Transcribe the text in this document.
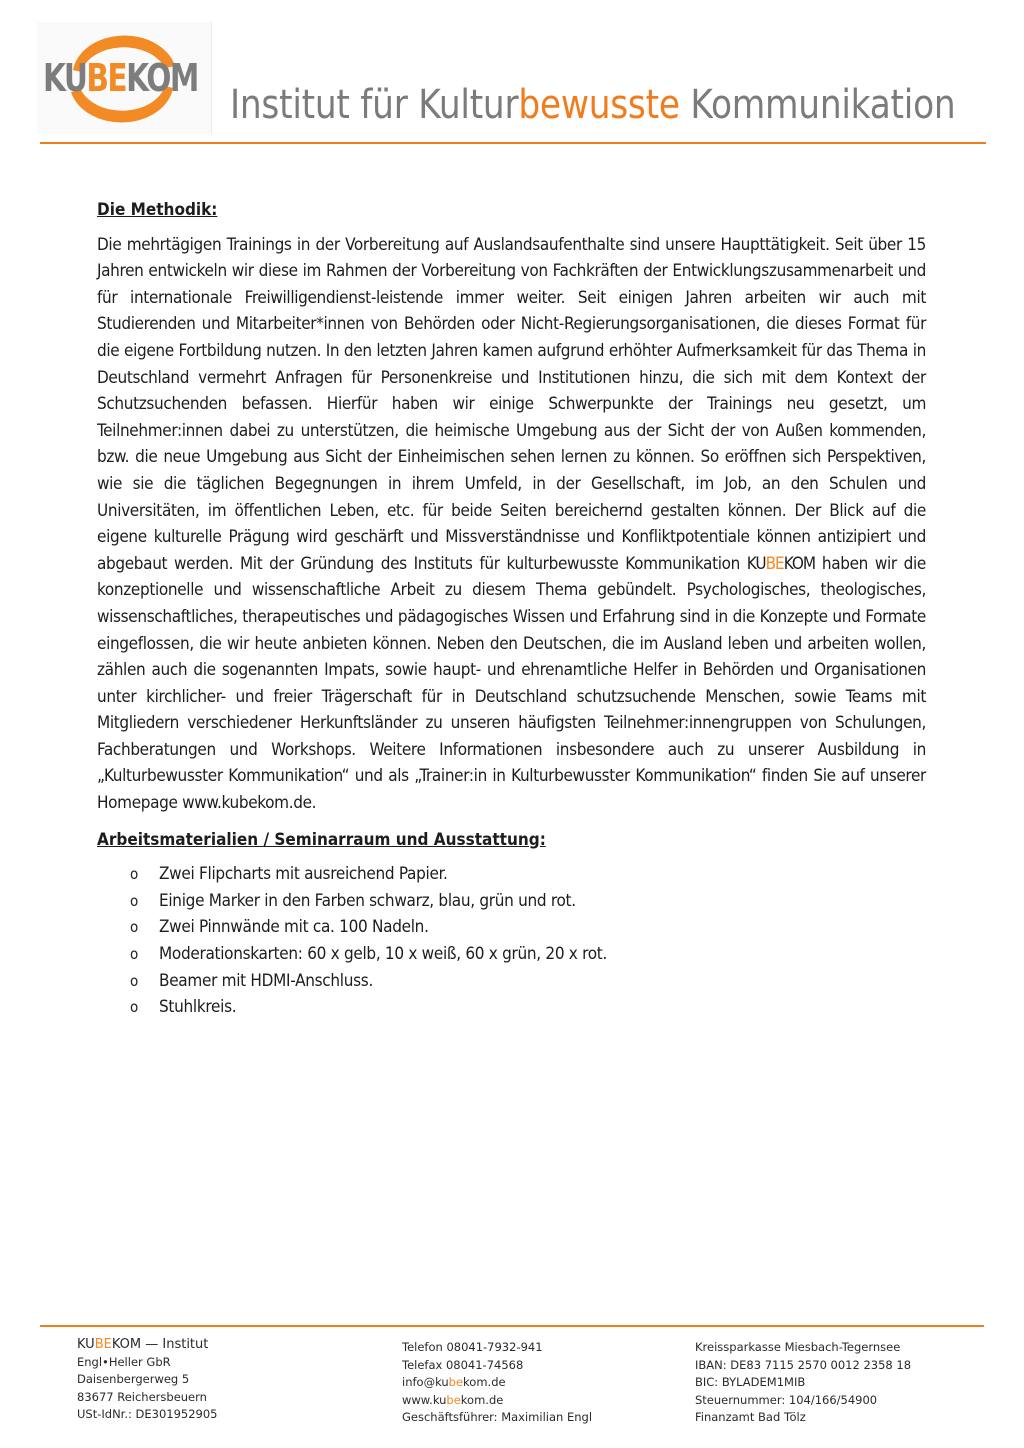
KUBEKOM
Institut für Kulturbewusste Kommunikation
Die Methodik:

Die mehrtägigen Trainings in der Vorbereitung auf Auslandsaufenthalte sind unsere Haupttätigkeit. Seit über 15 Jahren entwickeln wir diese im Rahmen der Vorbereitung von Fachkräften der Entwicklungszusammenarbeit und für internationale Freiwilligendienst-leistende immer weiter. Seit einigen Jahren arbeiten wir auch mit Studierenden und Mitarbeiter*innen von Behörden oder Nicht-Regierungsorganisationen, die dieses Format für die eigene Fortbildung nutzen. In den letzten Jahren kamen aufgrund erhöhter Aufmerksamkeit für das Thema in Deutschland vermehrt Anfragen für Personenkreise und Institutionen hinzu, die sich mit dem Kontext der Schutzsuchenden befassen. Hierfür haben wir einige Schwerpunkte der Trainings neu gesetzt, um Teilnehmer:innen dabei zu unterstützen, die heimische Umgebung aus der Sicht der von Außen kommenden, bzw. die neue Umgebung aus Sicht der Einheimischen sehen lernen zu können. So eröffnen sich Perspektiven, wie sie die täglichen Begegnungen in ihrem Umfeld, in der Gesellschaft, im Job, an den Schulen und Universitäten, im öffentlichen Leben, etc. für beide Seiten bereichernd gestalten können. Der Blick auf die eigene kulturelle Prägung wird geschärft und Missverständnisse und Konfliktpotentiale können antizipiert und abgebaut werden. Mit der Gründung des Instituts für kulturbewusste Kommunikation KUBEKOM haben wir die konzeptionelle und wissenschaftliche Arbeit zu diesem Thema gebündelt. Psychologisches, theologisches, wissenschaftliches, therapeutisches und pädagogisches Wissen und Erfahrung sind in die Konzepte und Formate eingeflossen, die wir heute anbieten können. Neben den Deutschen, die im Ausland leben und arbeiten wollen, zählen auch die sogenannten Impats, sowie haupt- und ehrenamtliche Helfer in Behörden und Organisationen unter kirchlicher- und freier Trägerschaft für in Deutschland schutzsuchende Menschen, sowie Teams mit Mitgliedern verschiedener Herkunftsländer zu unseren häufigsten Teilnehmer:innengruppen von Schulungen, Fachberatungen und Workshops. Weitere Informationen insbesondere auch zu unserer Ausbildung in „Kulturbewusster Kommunikation“ und als „Trainer:in in Kulturbewusster Kommunikation“ finden Sie auf unserer Homepage www.kubekom.de.

Arbeitsmaterialien / Seminarraum und Ausstattung:
o Zwei Flipcharts mit ausreichend Papier.
o Einige Marker in den Farben schwarz, blau, grün und rot.
o Zwei Pinnwände mit ca. 100 Nadeln.
o Moderationskarten: 60 x gelb, 10 x weiß, 60 x grün, 20 x rot.
o Beamer mit HDMI-Anschluss.
o Stuhlkreis.
KUBEKOM — Institut
Engl•Heller GbR
Daisenbergerweg 5
83677 Reichersbeuern
USt-IdNr.: DE301952905
Telefon 08041-7932-941
Telefax 08041-74568
info@kubekom.de
www.kubekom.de
Geschäftsführer: Maximilian Engl
Kreissparkasse Miesbach-Tegernsee
IBAN: DE83 7115 2570 0012 2358 18
BIC: BYLADEM1MIB
Steuernummer: 104/166/54900
Finanzamt Bad Tölz
